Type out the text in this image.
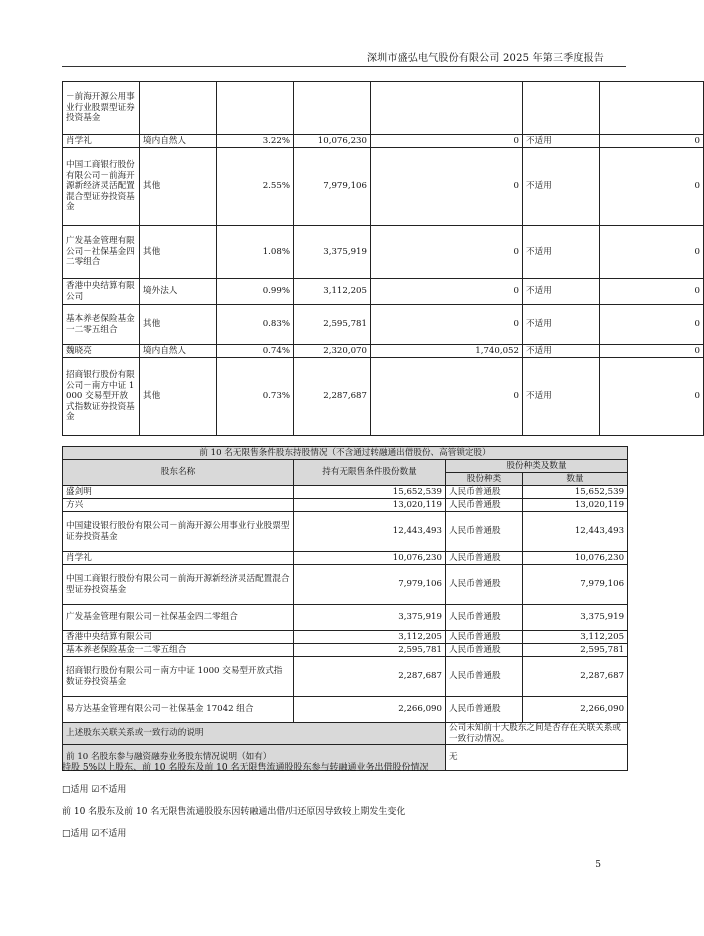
深圳市盛弘电气股份有限公司 2025 年第三季度报告
－前海开源公用事业行业股票型证券投资基金						
肖学礼	境内自然人	3.22%	10,076,230	0	不适用	0
中国工商银行股份有限公司－前海开源新经济灵活配置混合型证券投资基金	其他	2.55%	7,979,106	0	不适用	0
广发基金管理有限公司－社保基金四二零组合	其他	1.08%	3,375,919	0	不适用	0
香港中央结算有限公司	境外法人	0.99%	3,112,205	0	不适用	0
基本养老保险基金一二零五组合	其他	0.83%	2,595,781	0	不适用	0
魏晓亮	境内自然人	0.74%	2,320,070	1,740,052	不适用	0
招商银行股份有限公司－南方中证 1000 交易型开放式指数证券投资基金	其他	0.73%	2,287,687	0	不适用	0
前 10 名无限售条件股东持股情况（不含通过转融通出借股份、高管锁定股）			
股东名称	持有无限售条件股份数量	股份种类及数量	
		股份种类	数量
盛剑明	15,652,539	人民币普通股	15,652,539
方兴	13,020,119	人民币普通股	13,020,119
中国建设银行股份有限公司－前海开源公用事业行业股票型证券投资基金	12,443,493	人民币普通股	12,443,493
肖学礼	10,076,230	人民币普通股	10,076,230
中国工商银行股份有限公司－前海开源新经济灵活配置混合型证券投资基金	7,979,106	人民币普通股	7,979,106
广发基金管理有限公司－社保基金四二零组合	3,375,919	人民币普通股	3,375,919
香港中央结算有限公司	3,112,205	人民币普通股	3,112,205
基本养老保险基金一二零五组合	2,595,781	人民币普通股	2,595,781
招商银行股份有限公司－南方中证 1000 交易型开放式指数证券投资基金	2,287,687	人民币普通股	2,287,687
易方达基金管理有限公司－社保基金 17042 组合	2,266,090	人民币普通股	2,266,090
上述股东关联关系或一致行动的说明		公司未知前十大股东之间是否存在关联关系或一致行动情况。	
前 10 名股东参与融资融券业务股东情况说明（如有）		无	
持股 5%以上股东、前 10 名股东及前 10 名无限售流通股股东参与转融通业务出借股份情况
□适用 ☑不适用
前 10 名股东及前 10 名无限售流通股股东因转融通出借/归还原因导致较上期发生变化
□适用 ☑不适用
5
